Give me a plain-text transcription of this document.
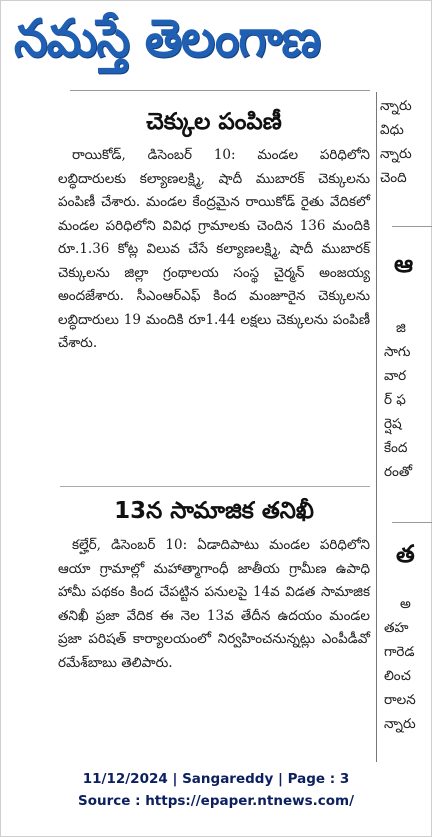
నమస్తే తెలంగాణ
చెక్కుల పంపిణీ

రాయికోడ్, డిసెంబర్ 10: మండల పరిధిలోని లబ్ధిదారులకు కల్యాణలక్ష్మి, షాదీ ముబారక్ చెక్కులను పంపిణీ చేశారు. మండల కేంద్రమైన రాయికోడ్ రైతు వేదికలో మండల పరిధిలోని వివిధ గ్రామాలకు చెందిన 136 మందికి రూ.1.36 కోట్ల విలువ చేసే కల్యాణలక్ష్మి, షాదీ ముబారక్ చెక్కులను జిల్లా గ్రంథాలయ సంస్థ చైర్మన్ అంజయ్య అందజేశారు. సీఎంఆర్ఎఫ్ కింద మంజూరైన చెక్కులను లబ్ధిదారులు 19 మందికి రూ1.44 లక్షలు చెక్కులను పంపిణీ చేశారు.

13న సామాజిక తనిఖీ

కల్హేర్, డిసెంబర్ 10: ఏడాదిపాటు మండల పరిధిలోని ఆయా గ్రామాల్లో మహాత్మాగాంధీ జాతీయ గ్రామీణ ఉపాధి హామీ పథకం కింద చేపట్టిన పనులపై 14వ విడత సామాజిక తనిఖీ ప్రజా వేదిక ఈ నెల 13వ తేదీన ఉదయం మండల ప్రజా పరిషత్ కార్యాలయంలో నిర్వహించనున్నట్లు ఎంపీడీవో రమేశ్‌బాబు తెలిపారు.

న్నారు
విధు
న్నారు
చెంది
ఆ
జి
సాగు
వార
ర్ ఫ
ర్షెష
కేంద
రంతో
త
అ
తహ
గారెడ
లించ
రాలన
న్నారు
11/12/2024 | Sangareddy | Page : 3
Source : https://epaper.ntnews.com/
